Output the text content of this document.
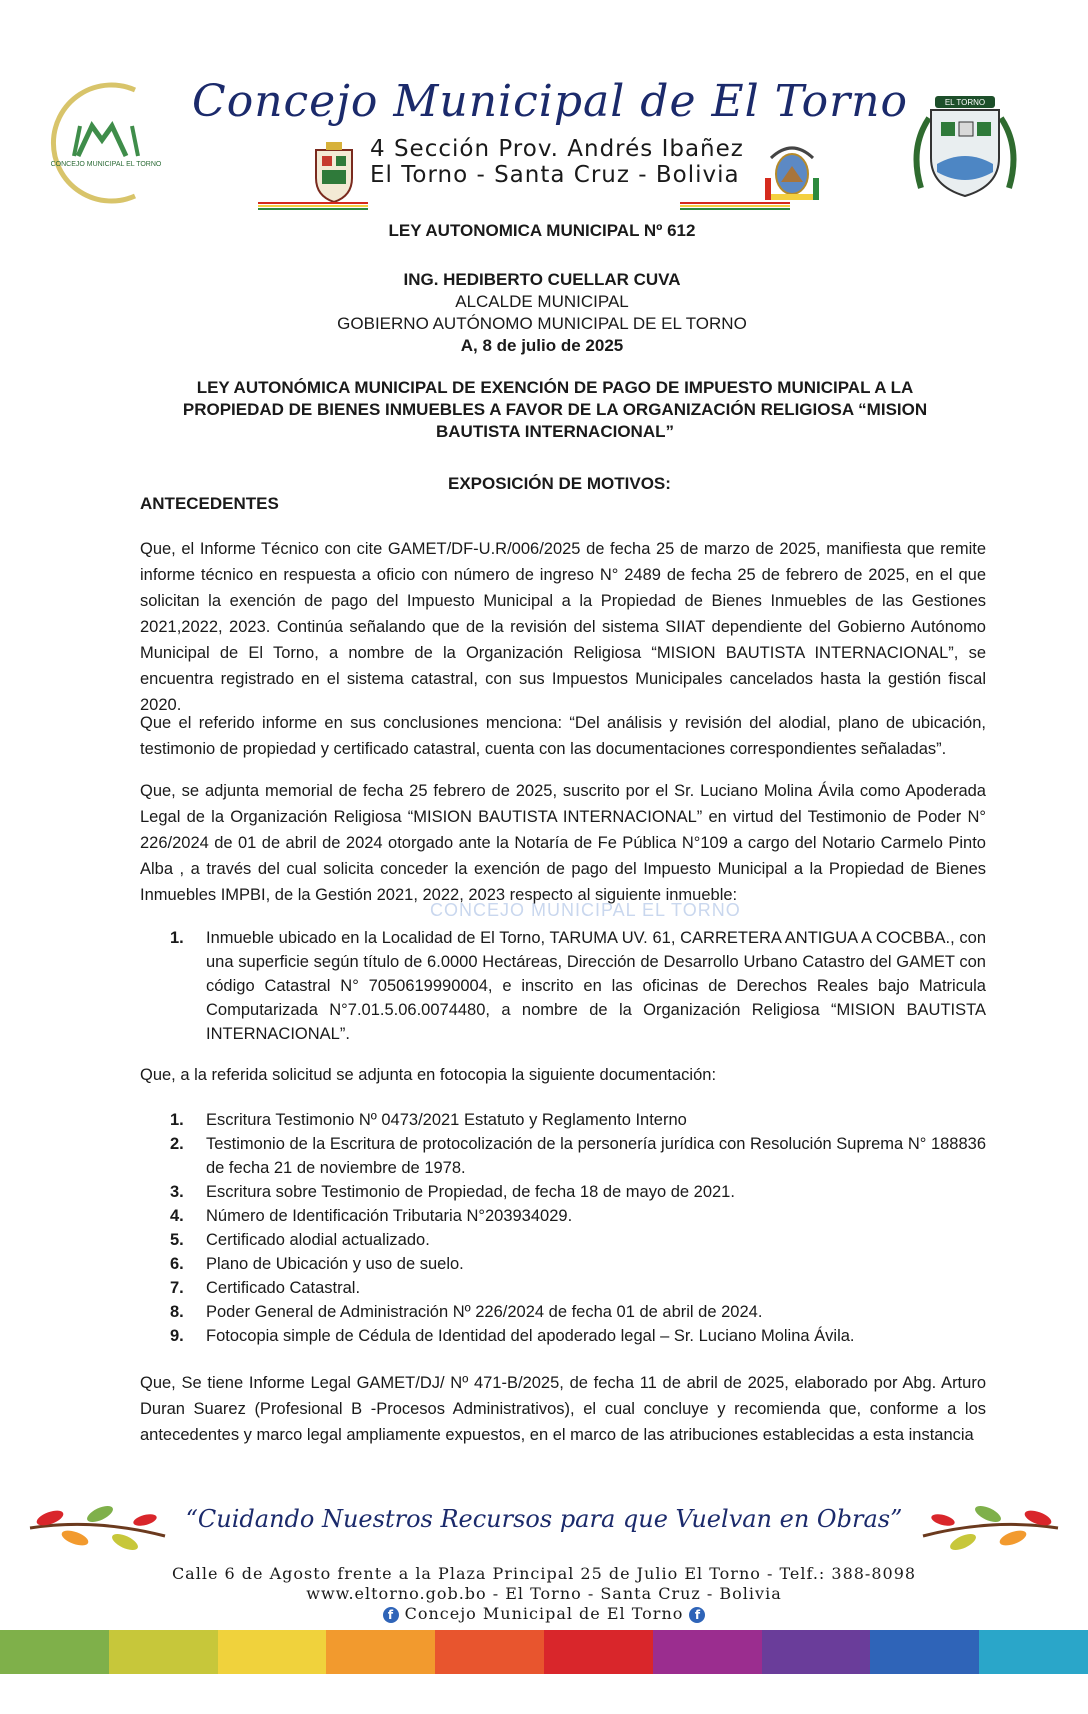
CONCEJO MUNICIPAL EL TORNO
Concejo Municipal de El Torno
4 Sección Prov. Andrés Ibañez
El Torno - Santa Cruz - Bolivia
EL TORNO
LEY AUTONOMICA MUNICIPAL Nº 612
ING. HEDIBERTO CUELLAR CUVA
ALCALDE MUNICIPAL
GOBIERNO AUTÓNOMO MUNICIPAL DE EL TORNO
A, 8 de julio de 2025
LEY AUTONÓMICA MUNICIPAL DE EXENCIÓN DE PAGO DE IMPUESTO MUNICIPAL A LA PROPIEDAD DE BIENES INMUEBLES A FAVOR DE LA ORGANIZACIÓN RELIGIOSA “MISION BAUTISTA INTERNACIONAL”
EXPOSICIÓN DE MOTIVOS:
ANTECEDENTES
CONCEJO MUNICIPAL EL TORNO
Que, el Informe Técnico con cite GAMET/DF-U.R/006/2025 de fecha 25 de marzo de 2025, manifiesta que remite informe técnico en respuesta a oficio con número de ingreso N° 2489 de fecha 25 de febrero de 2025, en el que solicitan la exención de pago del Impuesto Municipal a la Propiedad de Bienes Inmuebles de las Gestiones 2021,2022, 2023. Continúa señalando que de la revisión del sistema SIIAT dependiente del Gobierno Autónomo Municipal de El Torno, a nombre de la Organización Religiosa “MISION BAUTISTA INTERNACIONAL”, se encuentra registrado en el sistema catastral, con sus Impuestos Municipales cancelados hasta la gestión fiscal 2020.
Que el referido informe en sus conclusiones menciona: “Del análisis y revisión del alodial, plano de ubicación, testimonio de propiedad y certificado catastral, cuenta con las documentaciones correspondientes señaladas”.
Que, se adjunta memorial de fecha 25 febrero de 2025, suscrito por el Sr. Luciano Molina Ávila como Apoderada Legal de la Organización Religiosa “MISION BAUTISTA INTERNACIONAL” en virtud del Testimonio de Poder N° 226/2024 de 01 de abril de 2024 otorgado ante la Notaría de Fe Pública N°109 a cargo del Notario Carmelo Pinto Alba , a través del cual solicita conceder la exención de pago del Impuesto Municipal a la Propiedad de Bienes Inmuebles IMPBI, de la Gestión 2021, 2022, 2023 respecto al siguiente inmueble:
1.	Inmueble ubicado en la Localidad de El Torno, TARUMA UV. 61, CARRETERA ANTIGUA A COCBBA., con una superficie según título de 6.0000 Hectáreas, Dirección de Desarrollo Urbano Catastro del GAMET con código Catastral N° 7050619990004, e inscrito en las oficinas de Derechos Reales bajo Matricula Computarizada N°7.01.5.06.0074480, a nombre de la Organización Religiosa “MISION BAUTISTA INTERNACIONAL”.
Que, a la referida solicitud se adjunta en fotocopia la siguiente documentación:
1.	Escritura Testimonio Nº 0473/2021 Estatuto y Reglamento Interno
2.	Testimonio de la Escritura de protocolización de la personería jurídica con Resolución Suprema N° 188836 de fecha 21 de noviembre de 1978.
3.	Escritura sobre Testimonio de Propiedad, de fecha 18 de mayo de 2021.
4.	Número de Identificación Tributaria N°203934029.
5.	Certificado alodial actualizado.
6.	Plano de Ubicación y uso de suelo.
7.	Certificado Catastral.
8.	Poder General de Administración Nº 226/2024 de fecha 01 de abril de 2024.
9.	Fotocopia simple de Cédula de Identidad del apoderado legal – Sr. Luciano Molina Ávila.
Que, Se tiene Informe Legal GAMET/DJ/ Nº 471-B/2025, de fecha 11 de abril de 2025, elaborado por Abg. Arturo Duran Suarez (Profesional B -Procesos Administrativos), el cual concluye y recomienda que, conforme a los antecedentes y marco legal ampliamente expuestos, en el marco de las atribuciones establecidas a esta instancia
“Cuidando Nuestros Recursos para que Vuelvan en Obras”
Calle 6 de Agosto frente a la Plaza Principal 25 de Julio El Torno - Telf.: 388-8098
www.eltorno.gob.bo - El Torno - Santa Cruz - Bolivia
f Concejo Municipal de El Torno f
